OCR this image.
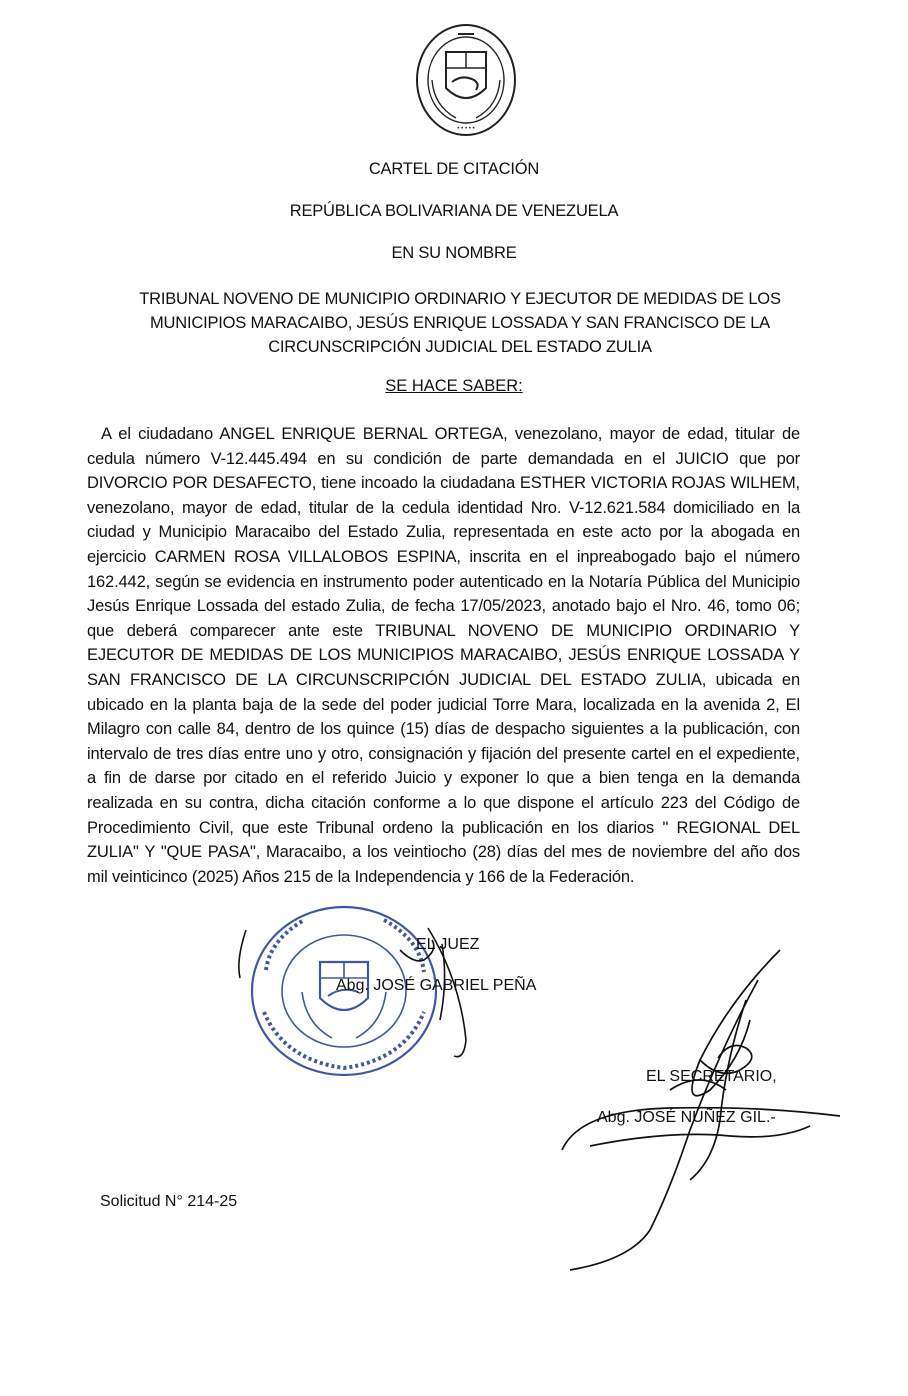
• • • • •
CARTEL DE CITACIÓN
REPÚBLICA BOLIVARIANA DE VENEZUELA
EN SU NOMBRE
TRIBUNAL NOVENO DE MUNICIPIO ORDINARIO Y EJECUTOR DE MEDIDAS DE LOS
MUNICIPIOS MARACAIBO, JESÚS ENRIQUE LOSSADA Y SAN FRANCISCO DE LA
CIRCUNSCRIPCIÓN JUDICIAL DEL ESTADO ZULIA
SE HACE SABER:
A el ciudadano ANGEL ENRIQUE BERNAL ORTEGA, venezolano, mayor de edad, titular de cedula número V-12.445.494 en su condición de parte demandada en el JUICIO que por DIVORCIO POR DESAFECTO, tiene incoado la ciudadana ESTHER VICTORIA ROJAS WILHEM, venezolano, mayor de edad, titular de la cedula identidad Nro. V-12.621.584 domiciliado en la ciudad y Municipio Maracaibo del Estado Zulia, representada en este acto por la abogada en ejercicio CARMEN ROSA VILLALOBOS ESPINA, inscrita en el inpreabogado bajo el número 162.442, según se evidencia en instrumento poder autenticado en la Notaría Pública del Municipio Jesús Enrique Lossada del estado Zulia, de fecha 17/05/2023, anotado bajo el Nro. 46, tomo 06; que deberá comparecer ante este TRIBUNAL NOVENO DE MUNICIPIO ORDINARIO Y EJECUTOR DE MEDIDAS DE LOS MUNICIPIOS MARACAIBO, JESÚS ENRIQUE LOSSADA Y SAN FRANCISCO DE LA CIRCUNSCRIPCIÓN JUDICIAL DEL ESTADO ZULIA, ubicada en ubicado en la planta baja de la sede del poder judicial Torre Mara, localizada en la avenida 2, El Milagro con calle 84, dentro de los quince (15) días de despacho siguientes a la publicación, con intervalo de tres días entre uno y otro, consignación y fijación del presente cartel en el expediente, a fin de darse por citado en el referido Juicio y exponer lo que a bien tenga en la demanda realizada en su contra, dicha citación conforme a lo que dispone el artículo 223 del Código de Procedimiento Civil, que este Tribunal ordeno la publicación en los diarios " REGIONAL DEL ZULIA" Y "QUE PASA", Maracaibo, a los veintiocho (28) días del mes de noviembre del año dos mil veinticinco (2025) Años 215 de la Independencia y 166 de la Federación.
EL JUEZ
Abg. JOSÉ GABRIEL PEÑA
EL SECRETARIO,
Abg. JOSÉ NÚÑEZ GIL.-
Solicitud N° 214-25
